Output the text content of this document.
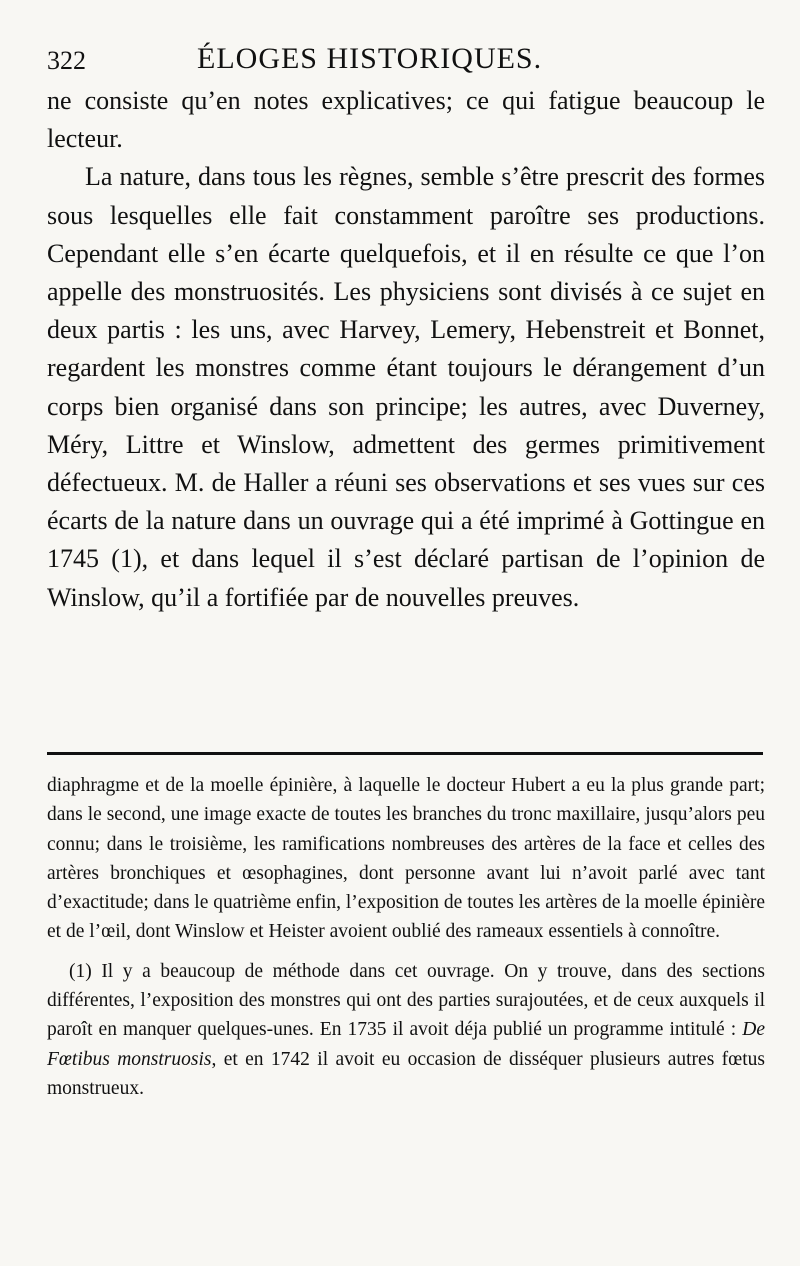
322	ÉLOGES HISTORIQUES.

ne consiste qu’en notes explicatives; ce qui fatigue beaucoup le lecteur.

La nature, dans tous les règnes, semble s’être prescrit des formes sous lesquelles elle fait constamment paroître ses productions. Cependant elle s’en écarte quelquefois, et il en résulte ce que l’on appelle des monstruosités. Les physiciens sont divisés à ce sujet en deux partis : les uns, avec Harvey, Lemery, Hebenstreit et Bonnet, regardent les monstres comme étant toujours le dérangement d’un corps bien organisé dans son principe; les autres, avec Duverney, Méry, Littre et Winslow, admettent des germes primitivement défectueux. M. de Haller a réuni ses observations et ses vues sur ces écarts de la nature dans un ouvrage qui a été imprimé à Gottingue en 1745 (1), et dans lequel il s’est déclaré partisan de l’opinion de Winslow, qu’il a fortifiée par de nouvelles preuves.

diaphragme et de la moelle épinière, à laquelle le docteur Hubert a eu la plus grande part; dans le second, une image exacte de toutes les branches du tronc maxillaire, jusqu’alors peu connu; dans le troisième, les ramifications nombreuses des artères de la face et celles des artères bronchiques et œsophagines, dont personne avant lui n’avoit parlé avec tant d’exactitude; dans le quatrième enfin, l’exposition de toutes les artères de la moelle épinière et de l’œil, dont Winslow et Heister avoient oublié des rameaux essentiels à connoître.

(1) Il y a beaucoup de méthode dans cet ouvrage. On y trouve, dans des sections différentes, l’exposition des monstres qui ont des parties surajoutées, et de ceux auxquels il paroît en manquer quelques-unes. En 1735 il avoit déja publié un programme intitulé : De Fœtibus monstruosis, et en 1742 il avoit eu occasion de disséquer plusieurs autres fœtus monstrueux.
